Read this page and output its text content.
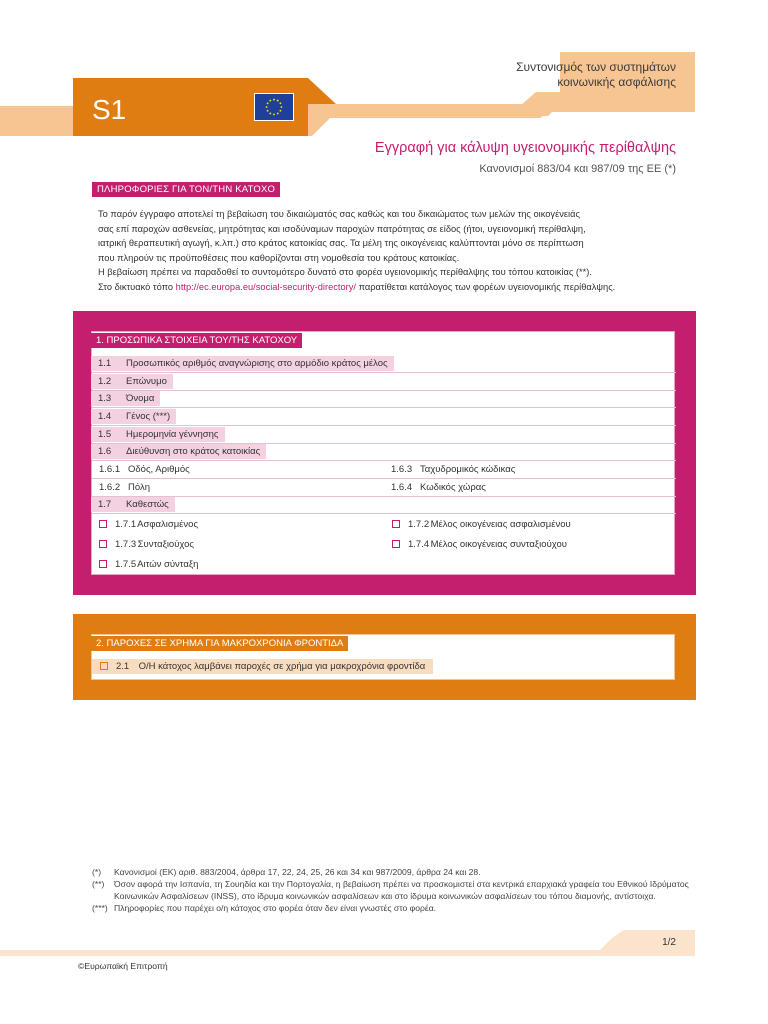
S1
Συντονισμός των συστημάτων
κοινωνικής ασφάλισης
Εγγραφή για κάλυψη υγειονομικής περίθαλψης
Κανονισμοί 883/04 και 987/09 της ΕΕ (*)
ΠΛΗΡΟΦΟΡΙΕΣ ΓΙΑ ΤΟΝ/ΤΗΝ ΚΑΤΟΧΟ

Το παρόν έγγραφο αποτελεί τη βεβαίωση του δικαιώματός σας καθώς και του δικαιώματος των μελών της οικογένειάς

σας επί παροχών ασθενείας, μητρότητας και ισοδύναμων παροχών πατρότητας σε είδος (ήτοι, υγειονομική περίθαλψη,

ιατρική θεραπευτική αγωγή, κ.λπ.) στο κράτος κατοικίας σας. Τα μέλη της οικογένειας καλύπτονται μόνο σε περίπτωση

που πληρούν τις προϋποθέσεις που καθορίζονται στη νομοθεσία του κράτους κατοικίας.

Η βεβαίωση πρέπει να παραδοθεί το συντομότερο δυνατό στο φορέα υγειονομικής περίθαλψης του τόπου κατοικίας (**).

Στο δικτυακό τόπο http://ec.europa.eu/social-security-directory/ παρατίθεται κατάλογος των φορέων υγειονομικής περίθαλψης.

1. ΠΡΟΣΩΠΙΚΑ ΣΤΟΙΧΕΙΑ ΤΟΥ/ΤΗΣ ΚΑΤΟΧΟΥ
1.1 Προσωπικός αριθμός αναγνώρισης στο αρμόδιο κράτος μέλος
1.2 Επώνυμο
1.3 Όνομα
1.4 Γένος (***)
1.5 Ημερομηνία γέννησης
1.6 Διεύθυνση στο κράτος κατοικίας
1.6.1 Οδός, Αριθμός	1.6.3 Ταχυδρομικός κώδικας
1.6.2 Πόλη	1.6.4 Κωδικός χώρας
1.7 Καθεστώς
1.7.1 Ασφαλισμένος	1.7.2 Μέλος οικογένειας ασφαλισμένου
1.7.3 Συνταξιούχος	1.7.4 Μέλος οικογένειας συνταξιούχου
1.7.5 Αιτών σύνταξη
2. ΠΑΡΟΧΕΣ ΣΕ ΧΡΗΜΑ ΓΙΑ ΜΑΚΡΟΧΡΟΝΙΑ ΦΡΟΝΤΙΔΑ
2.1 Ο/Η κάτοχος λαμβάνει παροχές σε χρήμα για μακροχρόνια φροντίδα
(*) Κανονισμοί (ΕΚ) αριθ. 883/2004, άρθρα 17, 22, 24, 25, 26 και 34 και 987/2009, άρθρα 24 και 28.
(**) Όσον αφορά την Ισπανία, τη Σουηδία και την Πορτογαλία, η βεβαίωση πρέπει να προσκομιστεί στα κεντρικά επαρχιακά γραφεία του Εθνικού Ιδρύματος Κοινωνικών Ασφαλίσεων (INSS), στο ίδρυμα κοινωνικών ασφαλίσεων και στο ίδρυμα κοινωνικών ασφαλίσεων του τόπου διαμονής, αντίστοιχα.
(***) Πληροφορίες που παρέχει ο/η κάτοχος στο φορέα όταν δεν είναι γνωστές στο φορέα.
1/2
©Ευρωπαϊκή Επιτροπή
